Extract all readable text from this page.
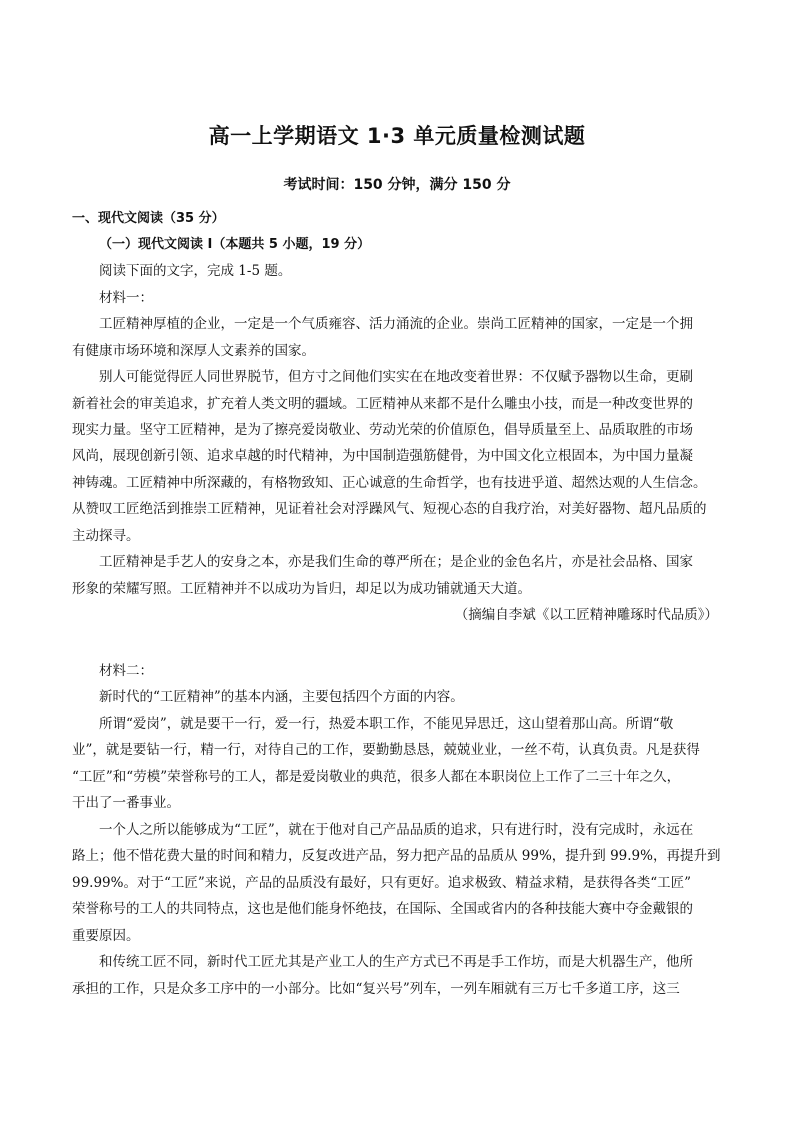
高一上学期语文 1·3 单元质量检测试题
考试时间：150 分钟，满分 150 分
一、现代文阅读（35 分）
（一）现代文阅读 I（本题共 5 小题，19 分）
阅读下面的文字，完成 1-5 题。
材料一：
工匠精神厚植的企业，一定是一个气质雍容、活力涌流的企业。崇尚工匠精神的国家，一定是一个拥
有健康市场环境和深厚人文素养的国家。
别人可能觉得匠人同世界脱节，但方寸之间他们实实在在地改变着世界：不仅赋予器物以生命，更刷
新着社会的审美追求，扩充着人类文明的疆域。工匠精神从来都不是什么雕虫小技，而是一种改变世界的
现实力量。坚守工匠精神，是为了擦亮爱岗敬业、劳动光荣的价值原色，倡导质量至上、品质取胜的市场
风尚，展现创新引领、追求卓越的时代精神，为中国制造强筋健骨，为中国文化立根固本，为中国力量凝
神铸魂。工匠精神中所深藏的，有格物致知、正心诚意的生命哲学，也有技进乎道、超然达观的人生信念。
从赞叹工匠绝活到推崇工匠精神，见证着社会对浮躁风气、短视心态的自我疗治，对美好器物、超凡品质的
主动探寻。
工匠精神是手艺人的安身之本，亦是我们生命的尊严所在；是企业的金色名片，亦是社会品格、国家
形象的荣耀写照。工匠精神并不以成功为旨归，却足以为成功铺就通天大道。
（摘编自李斌《以工匠精神雕琢时代品质》）
材料二：
新时代的“工匠精神”的基本内涵，主要包括四个方面的内容。
所谓“爱岗”，就是要干一行，爱一行，热爱本职工作，不能见异思迁，这山望着那山高。所谓“敬
业”，就是要钻一行，精一行，对待自己的工作，要勤勤恳恳，兢兢业业，一丝不苟，认真负责。凡是获得
“工匠”和“劳模”荣誉称号的工人，都是爱岗敬业的典范，很多人都在本职岗位上工作了二三十年之久，
干出了一番事业。
一个人之所以能够成为“工匠”，就在于他对自己产品品质的追求，只有进行时，没有完成时，永远在
路上；他不惜花费大量的时间和精力，反复改进产品，努力把产品的品质从 99%，提升到 99.9%，再提升到
99.99%。对于“工匠”来说，产品的品质没有最好，只有更好。追求极致、精益求精，是获得各类“工匠”
荣誉称号的工人的共同特点，这也是他们能身怀绝技，在国际、全国或省内的各种技能大赛中夺金戴银的
重要原因。
和传统工匠不同，新时代工匠尤其是产业工人的生产方式已不再是手工作坊，而是大机器生产，他所
承担的工作，只是众多工序中的一小部分。比如“复兴号”列车，一列车厢就有三万七千多道工序，这三
